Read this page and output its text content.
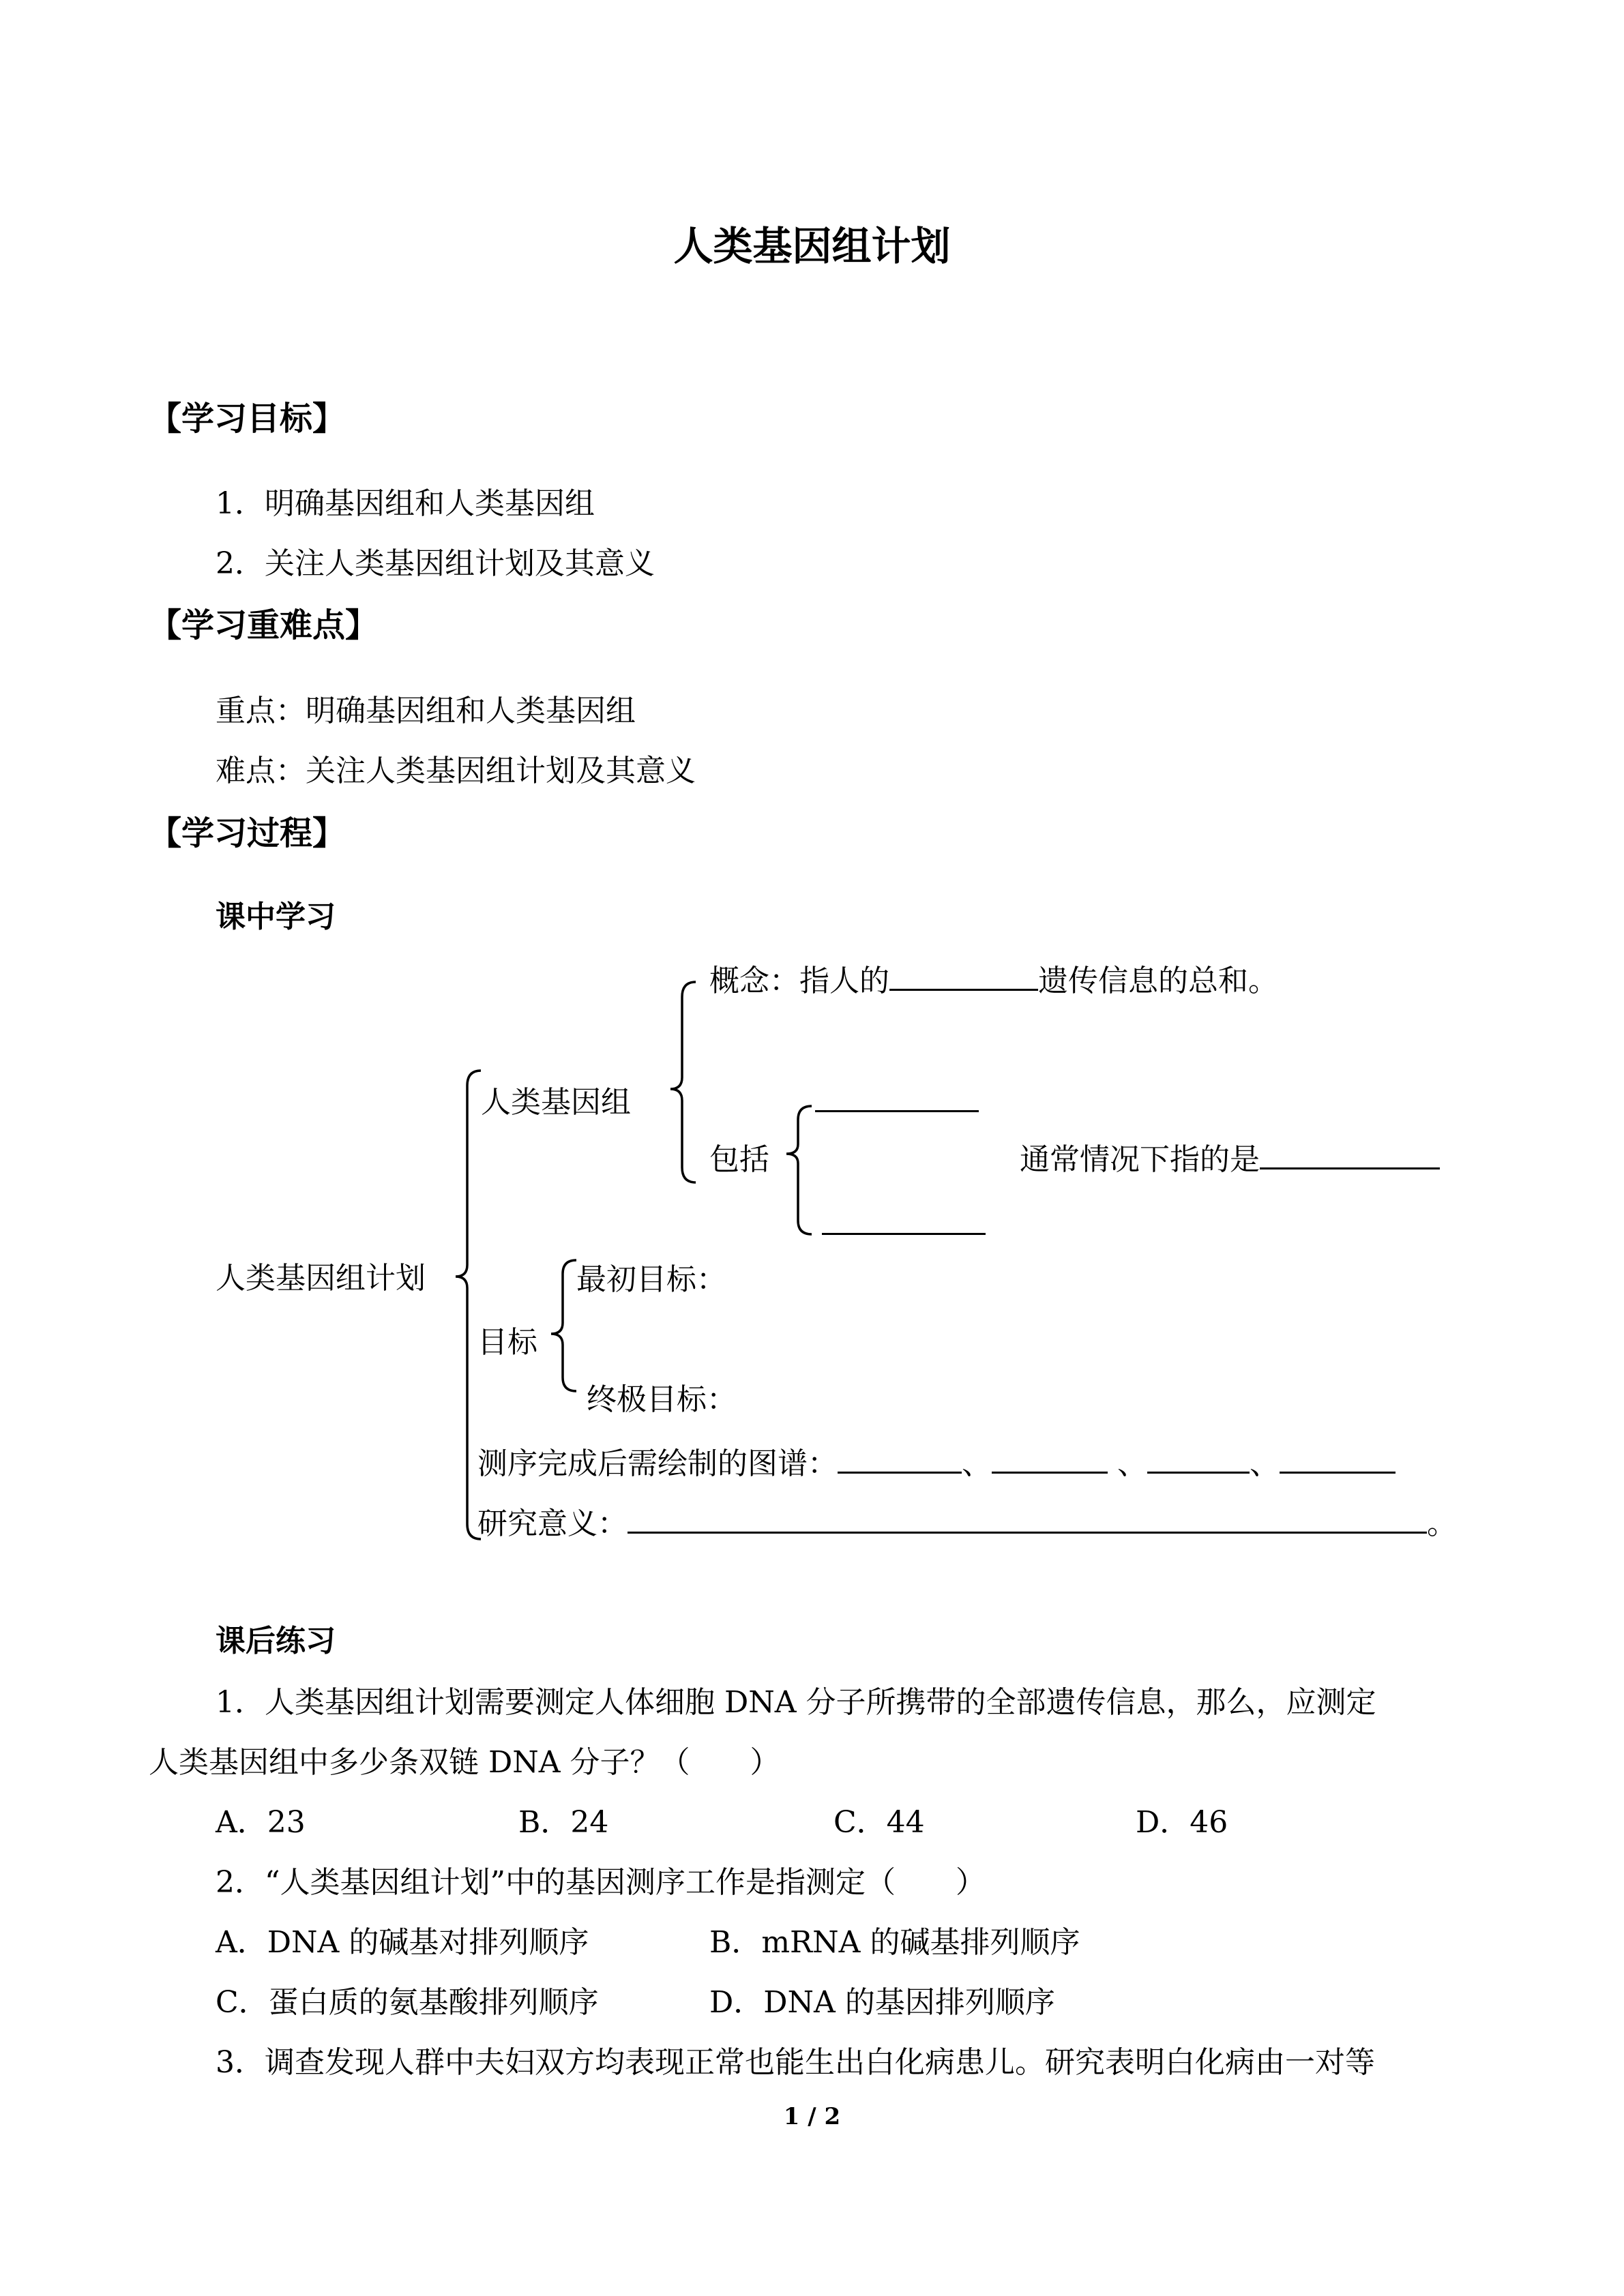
人类基因组计划
【学习目标】
1．明确基因组和人类基因组
2．关注人类基因组计划及其意义
【学习重难点】
重点：明确基因组和人类基因组
难点：关注人类基因组计划及其意义
【学习过程】
课中学习
人类基因组计划
人类基因组
概念：指人的	遗传信息的总和。
包括	通常情况下指的是
目标
最初目标：
终极目标：
测序完成后需绘制的图谱：	、	、	、
研究意义：	。
课后练习
1．人类基因组计划需要测定人体细胞 DNA 分子所携带的全部遗传信息，那么，应测定
人类基因组中多少条双链 DNA 分子？（　　）
A．23	B．24	C．44	D．46
2．“人类基因组计划”中的基因测序工作是指测定（　　）
A．DNA 的碱基对排列顺序	B．mRNA 的碱基排列顺序
C．蛋白质的氨基酸排列顺序	D．DNA 的基因排列顺序
3．调查发现人群中夫妇双方均表现正常也能生出白化病患儿。研究表明白化病由一对等
1 / 2
